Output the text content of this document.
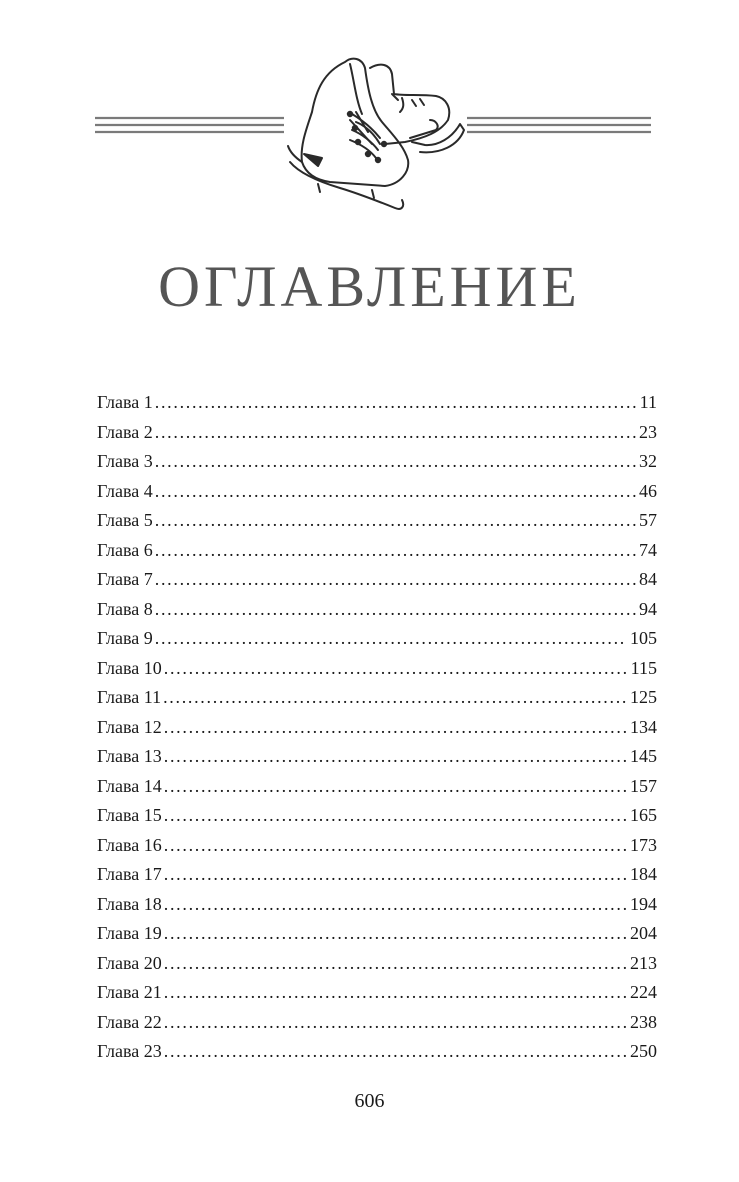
ОГЛАВЛЕНИЕ
Глава 1 . . .	11
Глава 2 . . .	23
Глава 3 . . .	32
Глава 4 . . .	46
Глава 5 . . .	57
Глава 6 . . .	74
Глава 7 . . .	84
Глава 8 . . .	94
Глава 9 . . .	105
Глава 10 . . .	115
Глава 11 . . .	125
Глава 12 . . .	134
Глава 13 . . .	145
Глава 14 . . .	157
Глава 15 . . .	165
Глава 16 . . .	173
Глава 17 . . .	184
Глава 18 . . .	194
Глава 19 . . .	204
Глава 20 . . .	213
Глава 21 . . .	224
Глава 22 . . .	238
Глава 23 . . .	250
606
